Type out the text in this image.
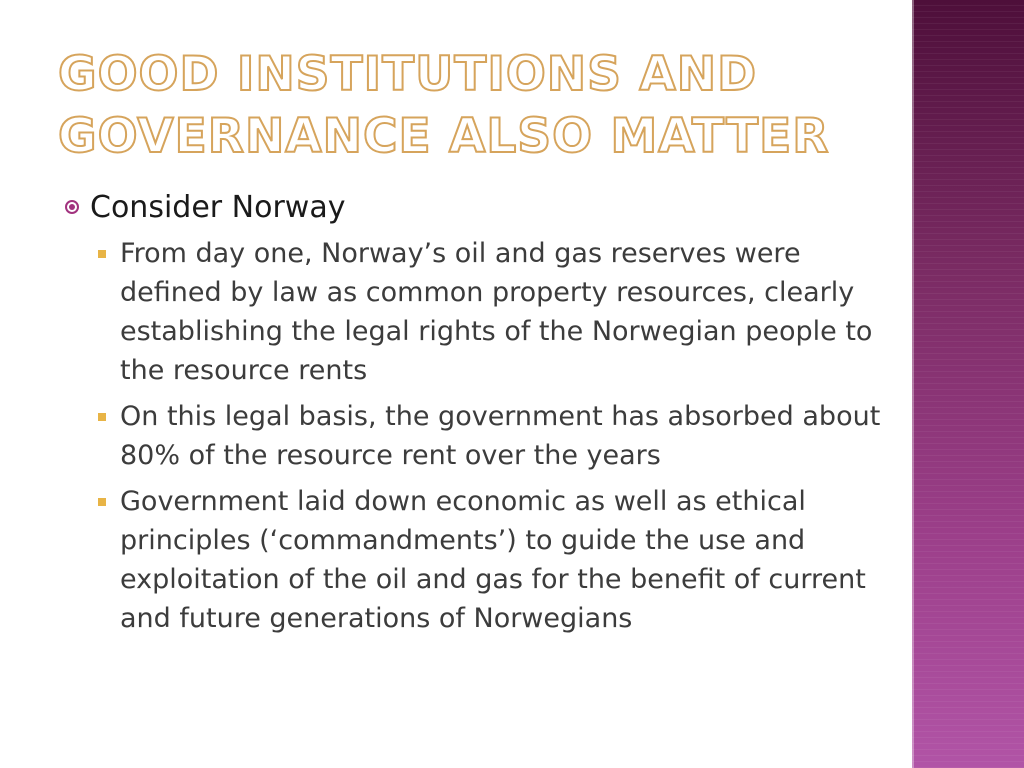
GOOD INSTITUTIONS AND
GOVERNANCE ALSO MATTER
Consider Norway
From day one, Norway’s oil and gas reserves were defined by law as common property resources, clearly establishing the legal rights of the Norwegian people to the resource rents
On this legal basis, the government has absorbed about 80% of the resource rent over the years
Government laid down economic as well as ethical principles (‘commandments’) to guide the use and exploitation of the oil and gas for the benefit of current and future generations of Norwegians
